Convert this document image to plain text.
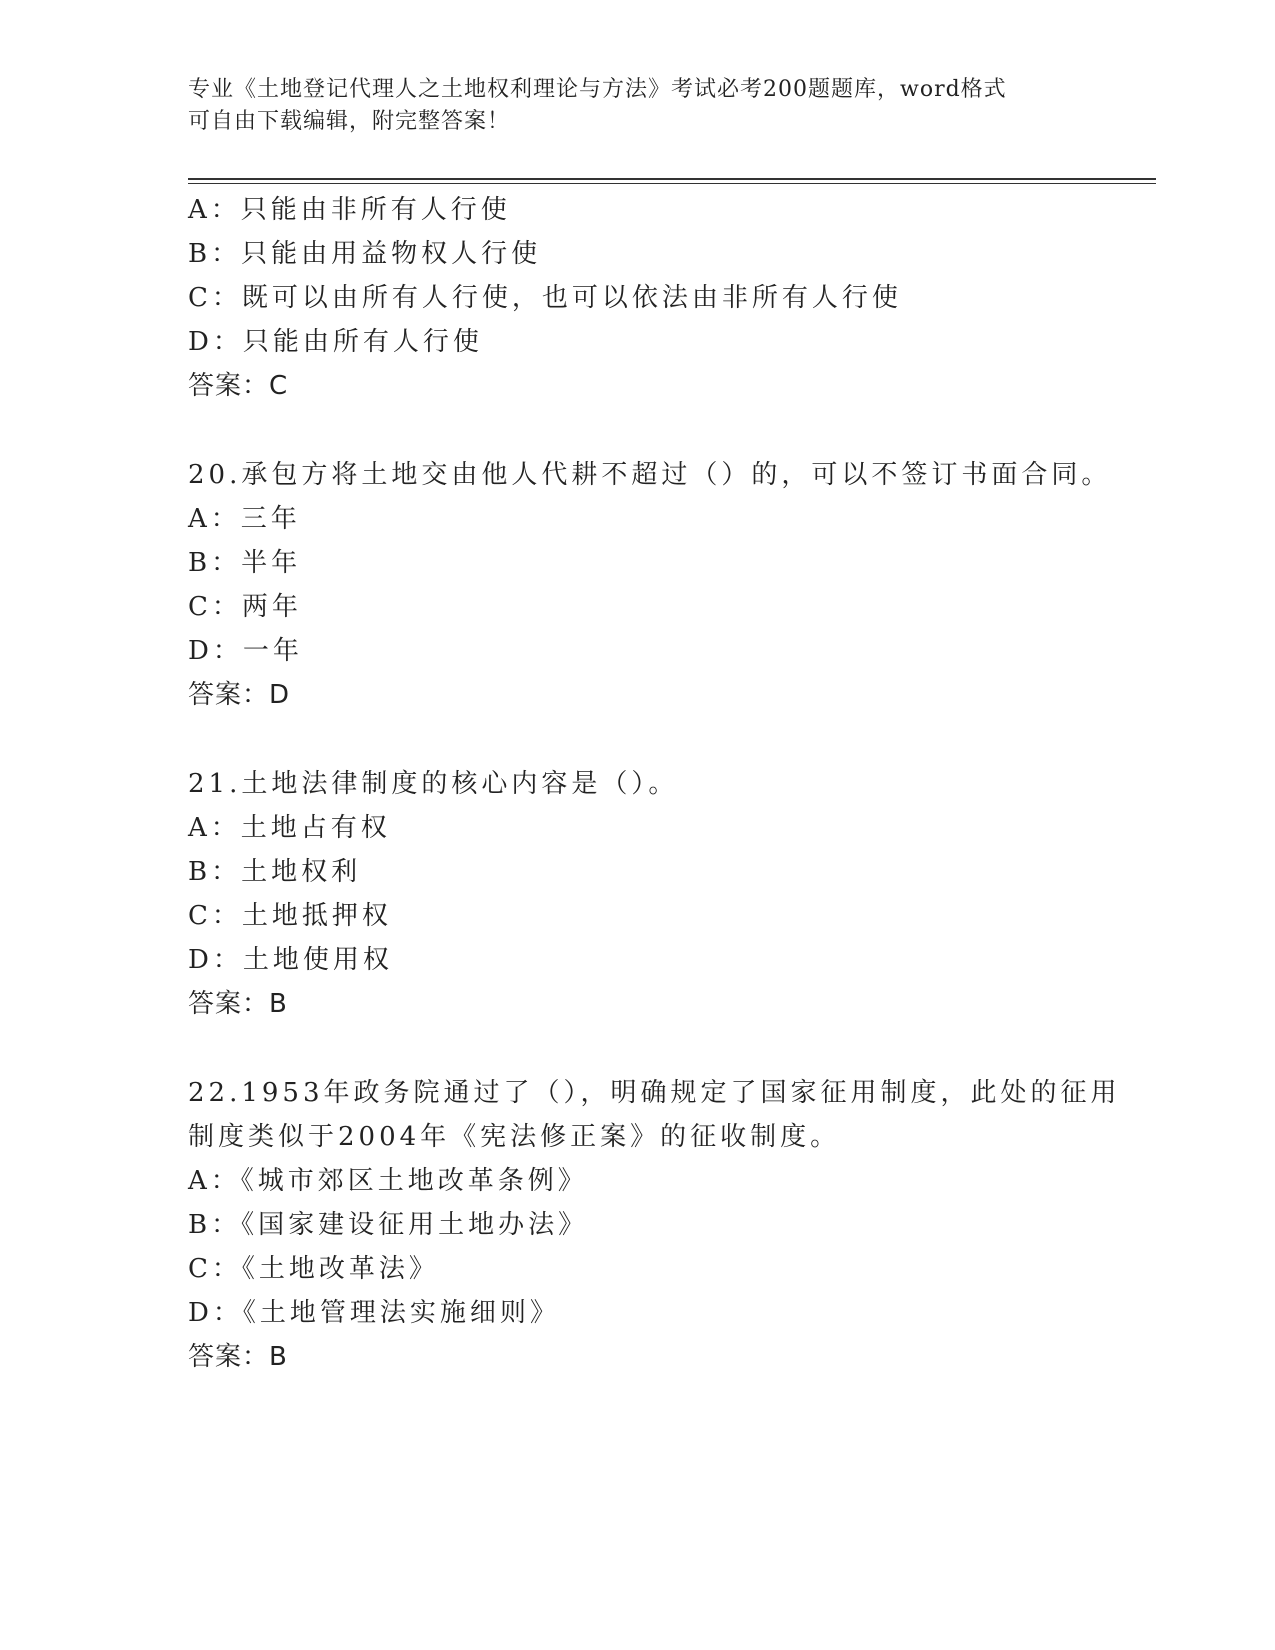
专业《土地登记代理人之土地权利理论与方法》考试必考200题题库，word格式
可自由下载编辑，附完整答案！
A：只能由非所有人行使
B：只能由用益物权人行使
C：既可以由所有人行使，也可以依法由非所有人行使
D：只能由所有人行使
答案：C
20.承包方将土地交由他人代耕不超过（）的，可以不签订书面合同。
A：三年
B：半年
C：两年
D：一年
答案：D
21.土地法律制度的核心内容是（）。
A：土地占有权
B：土地权利
C：土地抵押权
D：土地使用权
答案：B
22.1953年政务院通过了（），明确规定了国家征用制度，此处的征用
制度类似于2004年《宪法修正案》的征收制度。
A：《城市郊区土地改革条例》
B：《国家建设征用土地办法》
C：《土地改革法》
D：《土地管理法实施细则》
答案：B
